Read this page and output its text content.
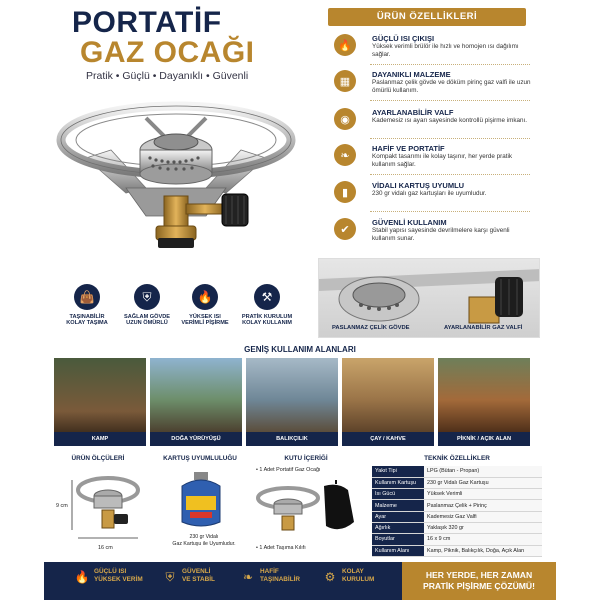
PORTATİF
GAZ OCAĞI
Pratik • Güçlü • Dayanıklı • Güvenli
ÜRÜN ÖZELLİKLERİ
🔥
GÜÇLÜ ISI ÇIKIŞI
Yüksek verimli brülör ile hızlı ve homojen ısı dağılımı sağlar.
▦
DAYANIKLI MALZEME
Paslanmaz çelik gövde ve döküm pirinç gaz valfi ile uzun ömürlü kullanım.
◉
AYARLANABİLİR VALF
Kademesiz ısı ayarı sayesinde kontrollü pişirme imkanı.
❧
HAFİF VE PORTATİF
Kompakt tasarımı ile kolay taşınır, her yerde pratik kullanım sağlar.
▮
VİDALI KARTUŞ UYUMLU
230 gr vidalı gaz kartuşları ile uyumludur.
✔
GÜVENLİ KULLANIM
Stabil yapısı sayesinde devrilmelere karşı güvenli kullanım sunar.
👜
TAŞINABİLİR
KOLAY TAŞIMA
⛨
SAĞLAM GÖVDE
UZUN ÖMÜRLÜ
🔥
YÜKSEK ISI
VERİMLİ PİŞİRME
⚒
PRATİK KURULUM
KOLAY KULLANIM
PASLANMAZ ÇELİK GÖVDE	AYARLANABİLİR GAZ VALFİ
GENİŞ KULLANIM ALANLARI
KAMP	DOĞA YÜRÜYÜŞÜ	BALIKÇILIK	ÇAY / KAHVE	PİKNİK / AÇIK ALAN
ÜRÜN ÖLÇÜLERİ
9 cm
16 cm
KARTUŞ UYUMLULUĞU
230 gr Vidalı
Gaz Kartuşu ile Uyumludur.
KUTU İÇERİĞİ
• 1 Adet Portatif Gaz Ocağı
• 1 Adet Taşıma Kılıfı
TEKNİK ÖZELLİKLER
Yakıt Tipi	LPG (Bütan - Propan)
Kullanım Kartuşu	230 gr Vidalı Gaz Kartuşu
Isı Gücü	Yüksek Verimli
Malzeme	Paslanmaz Çelik + Pirinç
Ayar	Kademesiz Gaz Valfi
Ağırlık	Yaklaşık 320 gr
Boyutlar	16 x 9 cm
Kullanım Alanı	Kamp, Piknik, Balıkçılık, Doğa, Açık Alan
🔥 GÜÇLÜ ISI
YÜKSEK VERİM ⛨	GÜVENLİ
VE STABİL ❧	HAFİF
TAŞINABİLİR ⚙	KOLAY
KURULUM	HER YERDE, HER ZAMAN
PRATİK PİŞİRME ÇÖZÜMÜ!
